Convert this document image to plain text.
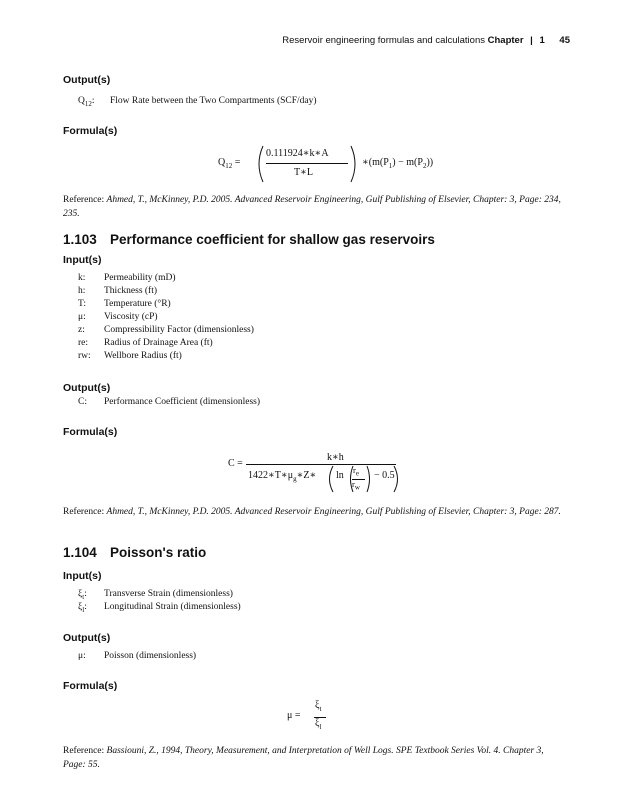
Reservoir engineering formulas and calculations Chapter | 1 45
Output(s)
$Q_{12}$: Flow Rate between the Two Compartments (SCF/day)
Formula(s)
$Q_{12}$ =
0.111924∗k∗A
T∗L
$∗(m(P_1) - m(P_2))$
Reference: Ahmed, T., McKinney, P.D. 2005. Advanced Reservoir Engineering, Gulf Publishing of Elsevier, Chapter: 3, Page: 234, 235.
1.103 Performance coefficient for shallow gas reservoirs
Input(s)
k: Permeability (mD)
h: Thickness (ft)
T: Temperature (°R)
μ: Viscosity (cP)
z: Compressibility Factor (dimensionless)
re: Radius of Drainage Area (ft)
rw: Wellbore Radius (ft)
Output(s)
C: Performance Coefficient (dimensionless)
Formula(s)
C =
k∗h
$1422∗T∗\mu_g∗Z∗$ $\ln r_e$
$r_w$
− 0.5
Reference: Ahmed, T., McKinney, P.D. 2005. Advanced Reservoir Engineering, Gulf Publishing of Elsevier, Chapter: 3, Page: 287.
1.104 Poisson's ratio
Input(s)
$\xi_t$: Transverse Strain (dimensionless)
$\xi_l$: Longitudinal Strain (dimensionless)
Output(s)
μ: Poisson (dimensionless)
Formula(s)
μ =
$\xi_t$
$\xi_l$
Reference: Bassiouni, Z., 1994, Theory, Measurement, and Interpretation of Well Logs. SPE Textbook Series Vol. 4. Chapter 3, Page: 55.
